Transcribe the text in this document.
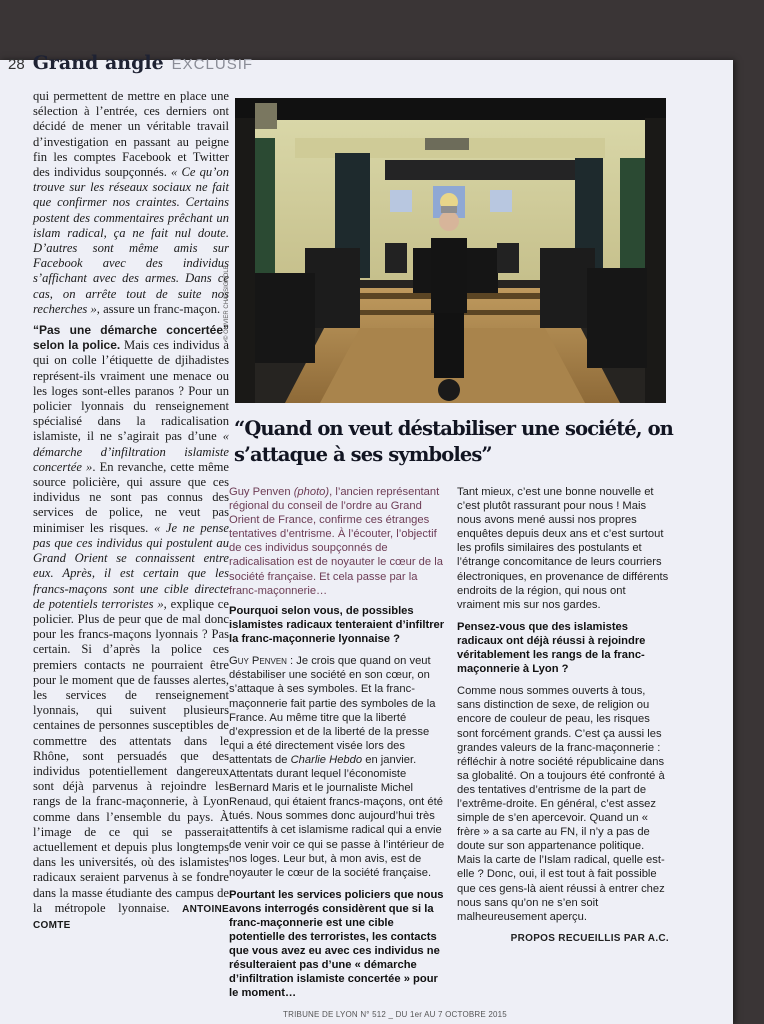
28 Grand angle EXCLUSIF

qui permettent de mettre en place une sélection à l’entrée, ces derniers ont décidé de mener un véritable travail d’investigation en passant au peigne fin les comptes Facebook et Twitter des individus soupçonnés. « Ce qu’on trouve sur les réseaux sociaux ne fait que confirmer nos craintes. Certains postent des commentaires prêchant un islam radical, ça ne fait nul doute. D’autres sont même amis sur Facebook avec des individus s’affichant avec des armes. Dans ce cas, on arrête tout de suite nos recherches », assure un franc-maçon.

“Pas une démarche concertée” selon la police. Mais ces individus à qui on colle l’étiquette de djihadistes représent-ils vraiment une menace ou les loges sont-elles paranos ? Pour un policier lyonnais du renseignement spécialisé dans la radicalisation islamiste, il ne s’agirait pas d’une « démarche d’infiltration islamiste concertée ». En revanche, cette même source policière, qui assure que ces individus ne sont pas connus des services de police, ne veut pas minimiser les risques. « Je ne pense pas que ces individus qui postulent au Grand Orient se connaissent entre eux. Après, il est certain que les francs-maçons sont une cible directe de potentiels terroristes », explique ce policier. Plus de peur que de mal donc pour les francs-maçons lyonnais ? Pas certain. Si d’après la police ces premiers contacts ne pourraient être pour le moment que de fausses alertes, les services de renseignement lyonnais, qui suivent plusieurs centaines de personnes susceptibles de commettre des attentats dans le Rhône, sont persuadés que des individus potentiellement dangereux sont déjà parvenus à rejoindre les rangs de la franc-maçonnerie, à Lyon comme dans l’ensemble du pays. À l’image de ce qui se passerait actuellement et depuis plus longtemps dans les universités, où des islamistes radicaux seraient parvenus à se fondre dans la masse étudiante des campus de la métropole lyonnaise. ANTOINE COMTE

© OLIVIER CHASSIGNOLE
“Quand on veut déstabiliser une société, on s’attaque à ses symboles”

Guy Penven (photo), l’ancien représentant régional du conseil de l’ordre au Grand Orient de France, confirme ces étranges tentatives d’entrisme. À l’écouter, l’objectif de ces individus soupçonnés de radicalisation est de noyauter le cœur de la société française. Et cela passe par la franc-maçonnerie…

Pourquoi selon vous, de possibles islamistes radicaux tenteraient d’infiltrer la franc-maçonnerie lyonnaise ?

Guy Penven : Je crois que quand on veut déstabiliser une société en son cœur, on s’attaque à ses symboles. Et la franc-maçonnerie fait partie des symboles de la France. Au même titre que la liberté d’expression et de la liberté de la presse qui a été directement visée lors des attentats de Charlie Hebdo en janvier. Attentats durant lequel l’économiste Bernard Maris et le journaliste Michel Renaud, qui étaient francs-maçons, ont été tués. Nous sommes donc aujourd’hui très attentifs à cet islamisme radical qui a envie de venir voir ce qui se passe à l’intérieur de nos loges. Leur but, à mon avis, est de noyauter le cœur de la société française.

Pourtant les services policiers que nous avons interrogés considèrent que si la franc-maçonnerie est une cible potentielle des terroristes, les contacts que vous avez eu avec ces individus ne résulteraient pas d’une « démarche d’infiltration islamiste concertée » pour le moment…

Tant mieux, c’est une bonne nouvelle et c’est plutôt rassurant pour nous ! Mais nous avons mené aussi nos propres enquêtes depuis deux ans et c’est surtout les profils similaires des postulants et l’étrange concomitance de leurs courriers électroniques, en provenance de différents endroits de la région, qui nous ont vraiment mis sur nos gardes.

Pensez-vous que des islamistes radicaux ont déjà réussi à rejoindre véritablement les rangs de la franc-maçonnerie à Lyon ?

Comme nous sommes ouverts à tous, sans distinction de sexe, de religion ou encore de couleur de peau, les risques sont forcément grands. C’est ça aussi les grandes valeurs de la franc-maçonnerie : réfléchir à notre société républicaine dans sa globalité. On a toujours été confronté à des tentatives d’entrisme de la part de l’extrême-droite. En général, c’est assez simple de s’en apercevoir. Quand un « frère » a sa carte au FN, il n’y a pas de doute sur son appartenance politique. Mais la carte de l’Islam radical, quelle est-elle ? Donc, oui, il est tout à fait possible que ces gens-là aient réussi à entrer chez nous sans qu’on ne s’en soit malheureusement aperçu.

PROPOS RECUEILLIS PAR A.C.

TRIBUNE DE LYON N° 512 _ DU 1er AU 7 OCTOBRE 2015
